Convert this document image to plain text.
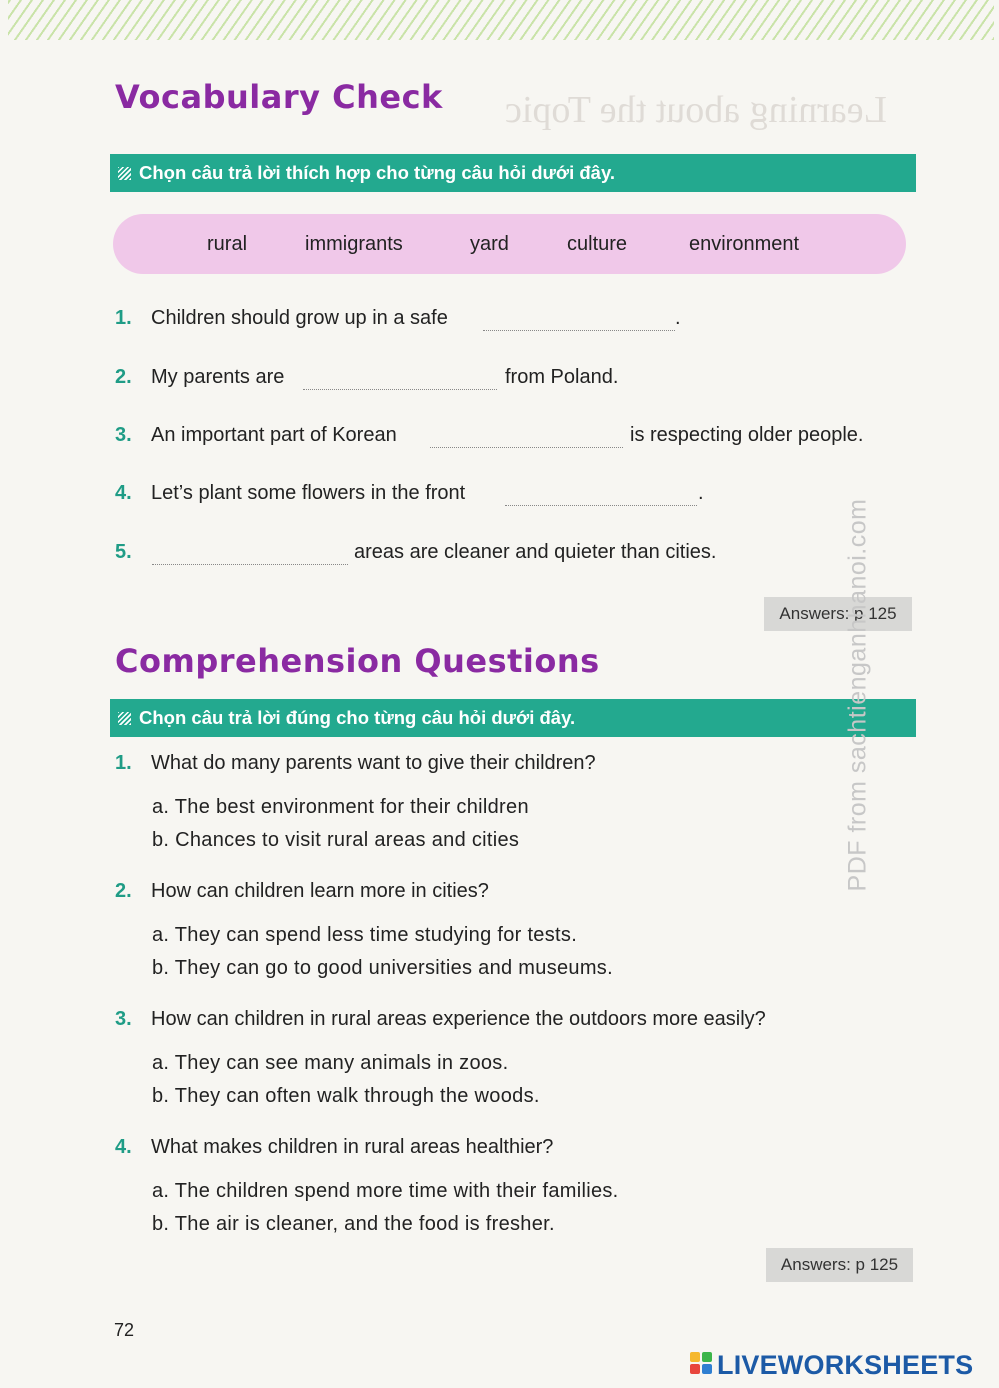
Learning about the Topic
Vocabulary Check
Chọn câu trả lời thích hợp cho từng câu hỏi dưới đây.
rural	immigrants	yard	culture	environment
1. Children should grow up in a safe	.
2. My parents are	from Poland.
3. An important part of Korean	is respecting older people.
4. Let’s plant some flowers in the front	.
5.	areas are cleaner and quieter than cities.
Answers: p 125
Comprehension Questions
Chọn câu trả lời đúng cho từng câu hỏi dưới đây.
1. What do many parents want to give their children?
a. The best environment for their children
b. Chances to visit rural areas and cities
2. How can children learn more in cities?
a. They can spend less time studying for tests.
b. They can go to good universities and museums.
3. How can children in rural areas experience the outdoors more easily?
a. They can see many animals in zoos.
b. They can often walk through the woods.
4. What makes children in rural areas healthier?
a. The children spend more time with their families.
b. The air is cleaner, and the food is fresher.
Answers: p 125
PDF from sachtienganhhanoi.com
72
LIVEWORKSHEETS
